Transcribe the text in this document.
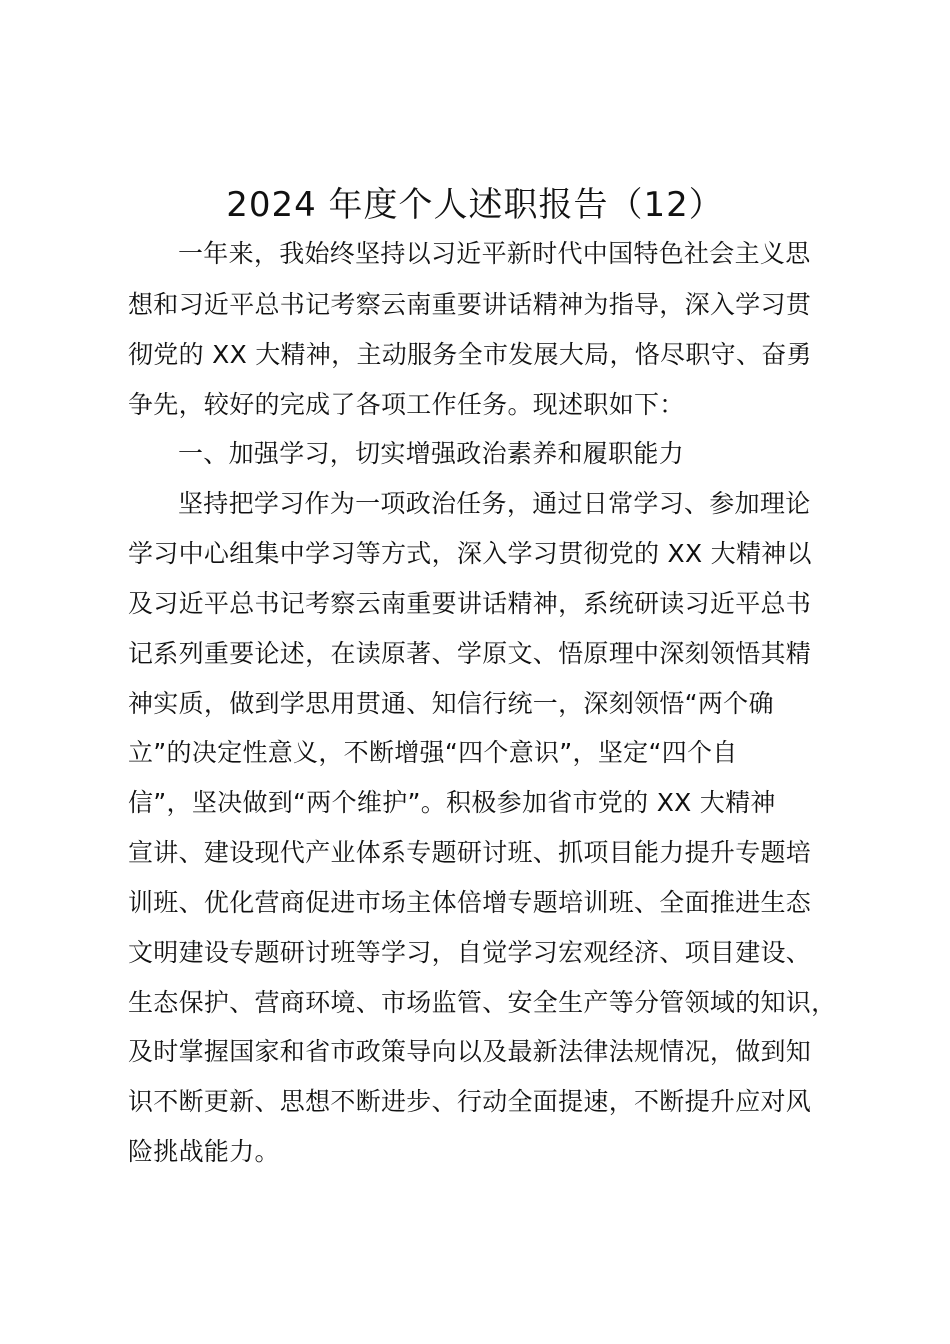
2024 年度个人述职报告（12）
一年来，我始终坚持以习近平新时代中国特色社会主义思
想和习近平总书记考察云南重要讲话精神为指导，深入学习贯
彻党的 XX 大精神，主动服务全市发展大局，恪尽职守、奋勇
争先，较好的完成了各项工作任务。现述职如下：
一、加强学习，切实增强政治素养和履职能力
坚持把学习作为一项政治任务，通过日常学习、参加理论
学习中心组集中学习等方式，深入学习贯彻党的 XX 大精神以
及习近平总书记考察云南重要讲话精神，系统研读习近平总书
记系列重要论述，在读原著、学原文、悟原理中深刻领悟其精
神实质，做到学思用贯通、知信行统一，深刻领悟“两个确
立”的决定性意义，不断增强“四个意识”，坚定“四个自
信”，坚决做到“两个维护”。积极参加省市党的 XX 大精神
宣讲、建设现代产业体系专题研讨班、抓项目能力提升专题培
训班、优化营商促进市场主体倍增专题培训班、全面推进生态
文明建设专题研讨班等学习，自觉学习宏观经济、项目建设、
生态保护、营商环境、市场监管、安全生产等分管领域的知识，
及时掌握国家和省市政策导向以及最新法律法规情况，做到知
识不断更新、思想不断进步、行动全面提速，不断提升应对风
险挑战能力。
